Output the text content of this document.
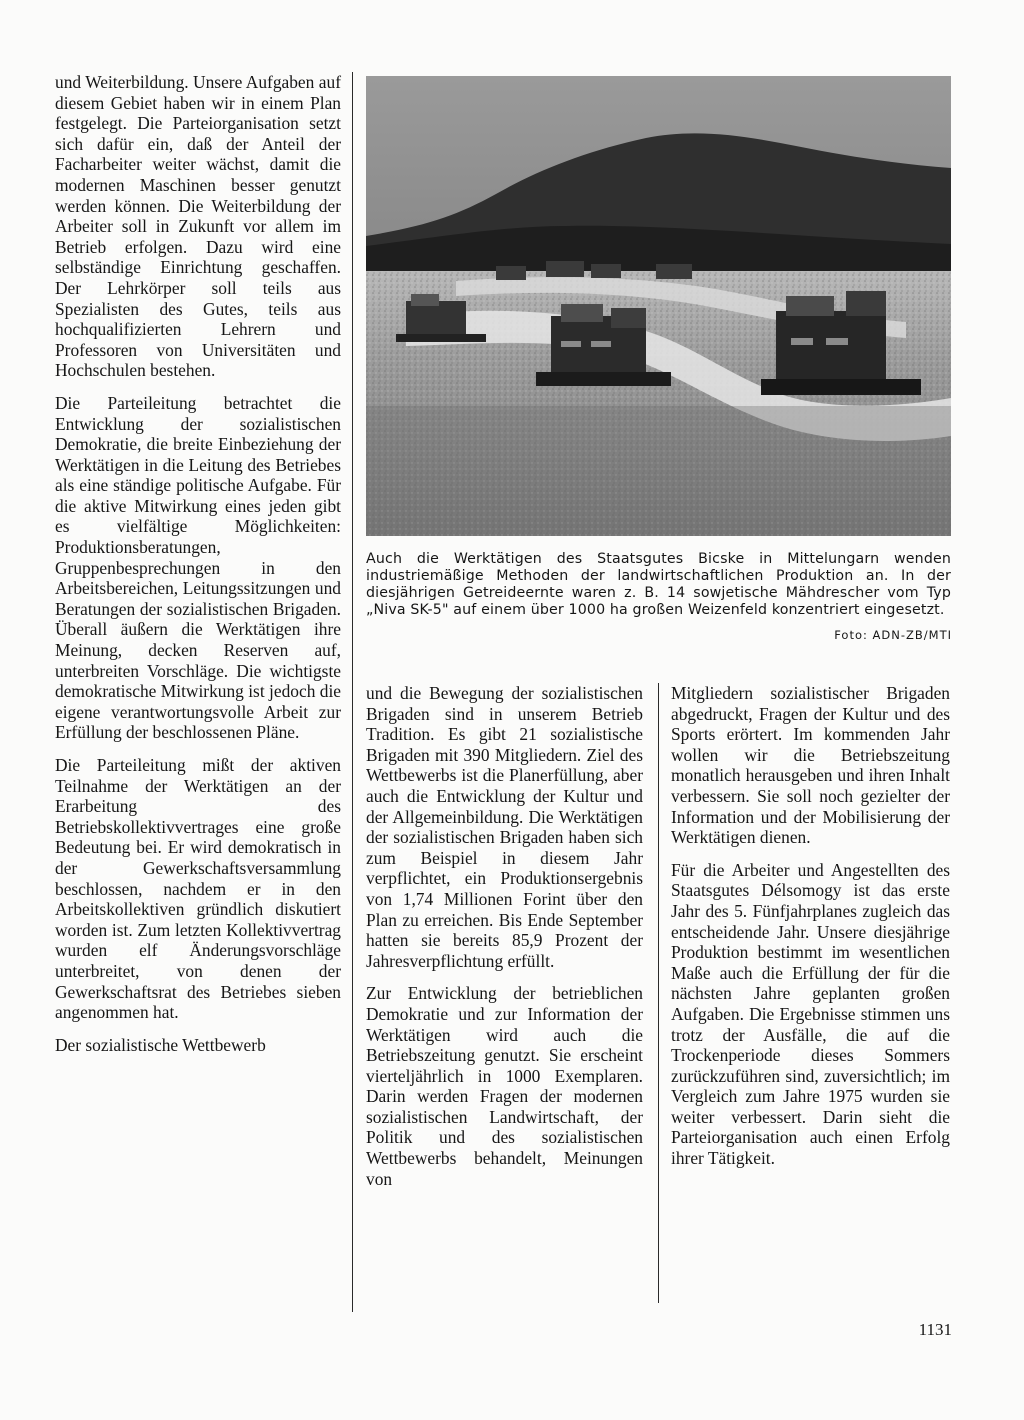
und Weiterbildung. Unsere Aufgaben auf diesem Gebiet haben wir in einem Plan festgelegt. Die Parteiorganisation setzt sich dafür ein, daß der Anteil der Facharbeiter weiter wächst, damit die modernen Maschinen besser genutzt werden können. Die Weiterbildung der Arbeiter soll in Zukunft vor allem im Betrieb erfolgen. Dazu wird eine selbständige Einrichtung geschaffen. Der Lehrkörper soll teils aus Spezialisten des Gutes, teils aus hochqualifizierten Lehrern und Professoren von Universitäten und Hochschulen bestehen.

Die Parteileitung betrachtet die Entwicklung der sozialistischen Demokratie, die breite Einbeziehung der Werktätigen in die Leitung des Betriebes als eine ständige politische Aufgabe. Für die aktive Mitwirkung eines jeden gibt es vielfältige Möglichkeiten: Produktionsberatungen, Gruppenbesprechungen in den Arbeitsbereichen, Leitungssitzungen und Beratungen der sozialistischen Brigaden. Überall äußern die Werktätigen ihre Meinung, decken Reserven auf, unterbreiten Vorschläge. Die wichtigste demokratische Mitwirkung ist jedoch die eigene verantwortungsvolle Arbeit zur Erfüllung der beschlossenen Pläne.

Die Parteileitung mißt der aktiven Teilnahme der Werktätigen an der Erarbeitung des Betriebskollektivvertrages eine große Bedeutung bei. Er wird demokratisch in der Gewerkschaftsversammlung beschlossen, nachdem er in den Arbeitskollektiven gründlich diskutiert worden ist. Zum letzten Kollektivvertrag wurden elf Änderungsvorschläge unterbreitet, von denen der Gewerkschaftsrat des Betriebes sieben angenommen hat.

Der sozialistische Wettbewerb

Auch die Werktätigen des Staatsgutes Bicske in Mittelungarn wenden industriemäßige Methoden der landwirtschaftlichen Produktion an. In der diesjährigen Getreideernte waren z. B. 14 sowjetische Mähdrescher vom Typ „Niva SK-5" auf einem über 1000 ha großen Weizenfeld konzentriert eingesetzt.
Foto: ADN-ZB/MTI

und die Bewegung der sozialistischen Brigaden sind in unserem Betrieb Tradition. Es gibt 21 sozialistische Brigaden mit 390 Mitgliedern. Ziel des Wettbewerbs ist die Planerfüllung, aber auch die Entwicklung der Kultur und der Allgemeinbildung. Die Werktätigen der sozialistischen Brigaden haben sich zum Beispiel in diesem Jahr verpflichtet, ein Produktionsergebnis von 1,74 Millionen Forint über den Plan zu erreichen. Bis Ende September hatten sie bereits 85,9 Prozent der Jahresverpflichtung erfüllt.

Zur Entwicklung der betrieblichen Demokratie und zur Information der Werktätigen wird auch die Betriebszeitung genutzt. Sie erscheint vierteljährlich in 1000 Exemplaren. Darin werden Fragen der modernen sozialistischen Landwirtschaft, der Politik und des sozialistischen Wettbewerbs behandelt, Meinungen von

Mitgliedern sozialistischer Brigaden abgedruckt, Fragen der Kultur und des Sports erörtert. Im kommenden Jahr wollen wir die Betriebszeitung monatlich herausgeben und ihren Inhalt verbessern. Sie soll noch gezielter der Information und der Mobilisierung der Werktätigen dienen.

Für die Arbeiter und Angestellten des Staatsgutes Délsomogy ist das erste Jahr des 5. Fünfjahrplanes zugleich das entscheidende Jahr. Unsere diesjährige Produktion bestimmt im wesentlichen Maße auch die Erfüllung der für die nächsten Jahre geplanten großen Aufgaben. Die Ergebnisse stimmen uns trotz der Ausfälle, die auf die Trockenperiode dieses Sommers zurückzuführen sind, zuversichtlich; im Vergleich zum Jahre 1975 wurden sie weiter verbessert. Darin sieht die Parteiorganisation auch einen Erfolg ihrer Tätigkeit.

1131
